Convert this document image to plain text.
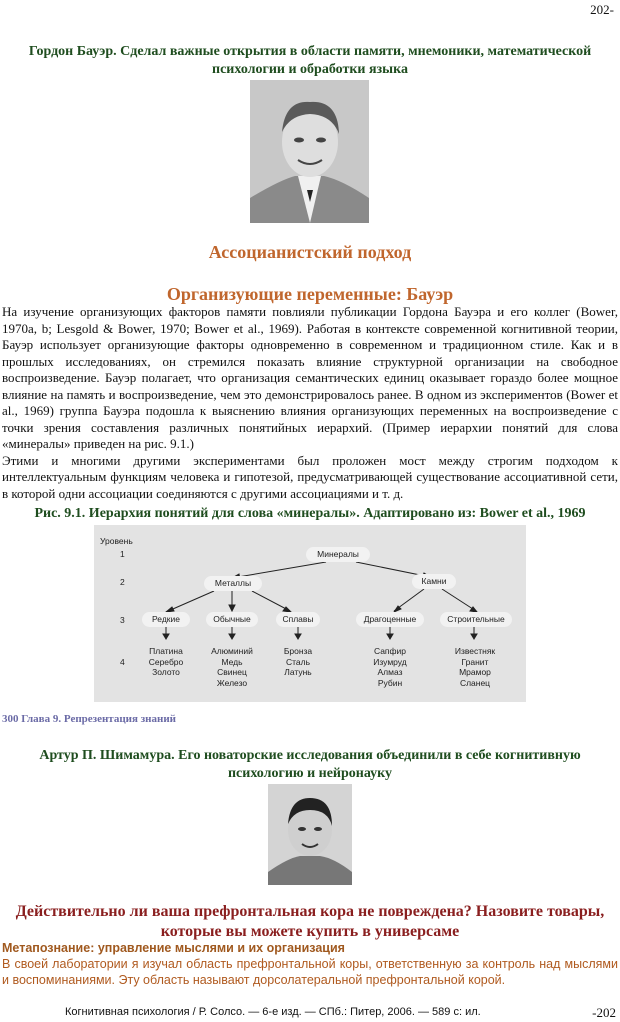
202-
Гордон Бауэр. Сделал важные открытия в области памяти, мнемоники, математической
психологии и обработки языка
Ассоцианистский подход
Организующие переменные: Бауэр

На изучение организующих факторов памяти повлияли публикации Гордона Бауэра и его коллег (Bower, 1970a, b; Lesgold & Bower, 1970; Bower et al., 1969). Работая в контексте современной когнитивной теории, Бауэр использует организующие факторы одновременно в современном и традиционном стиле. Как и в прошлых исследованиях, он стремился показать влияние структурной организации на свободное воспроизведение. Бауэр полагает, что организация семантических единиц оказывает гораздо более мощное влияние на память и воспроизведение, чем это демонстрировалось ранее. В одном из экспериментов (Bower et al., 1969) группа Бауэра подошла к выяснению влияния организующих переменных на воспроизведение с точки зрения составления различных понятийных иерархий. (Пример иерархии понятий для слова «минералы» приведен на рис. 9.1.)

Этими и многими другими экспериментами был проложен мост между строгим подходом к интеллектуальным функциям человека и гипотезой, предусматривающей существование ассоциативной сети, в которой одни ассоциации соединяются с другими ассоциациями и т. д.

Рис. 9.1. Иерархия понятий для слова «минералы». Адаптировано из: Bower et al., 1969
Уровень
1
2
3
4
Минералы
Металлы	Камни
Редкие	Обычные	Сплавы	Драгоценные	Строительные
Платина
Серебро
Золото
Алюминий
Медь
Свинец
Железо
Бронза
Сталь
Латунь
Сапфир
Изумруд
Алмаз
Рубин
Известняк
Гранит
Мрамор
Сланец
300 Глава 9. Репрезентация знаний
Артур П. Шимамура. Его новаторские исследования объединили в себе когнитивную
психологию и нейронауку
Действительно ли ваша префронтальная кора не повреждена? Назовите товары,
которые вы можете купить в универсаме
Метапознание: управление мыслями и их организация
В своей лаборатории я изучал область префронтальной коры, ответственную за контроль над мыслями и воспоминаниями. Эту область называют дорсолатеральной префронтальной корой.
Когнитивная психология / Р. Солсо. — 6-е изд. — СПб.: Питер, 2006. — 589 с: ил.	-202
